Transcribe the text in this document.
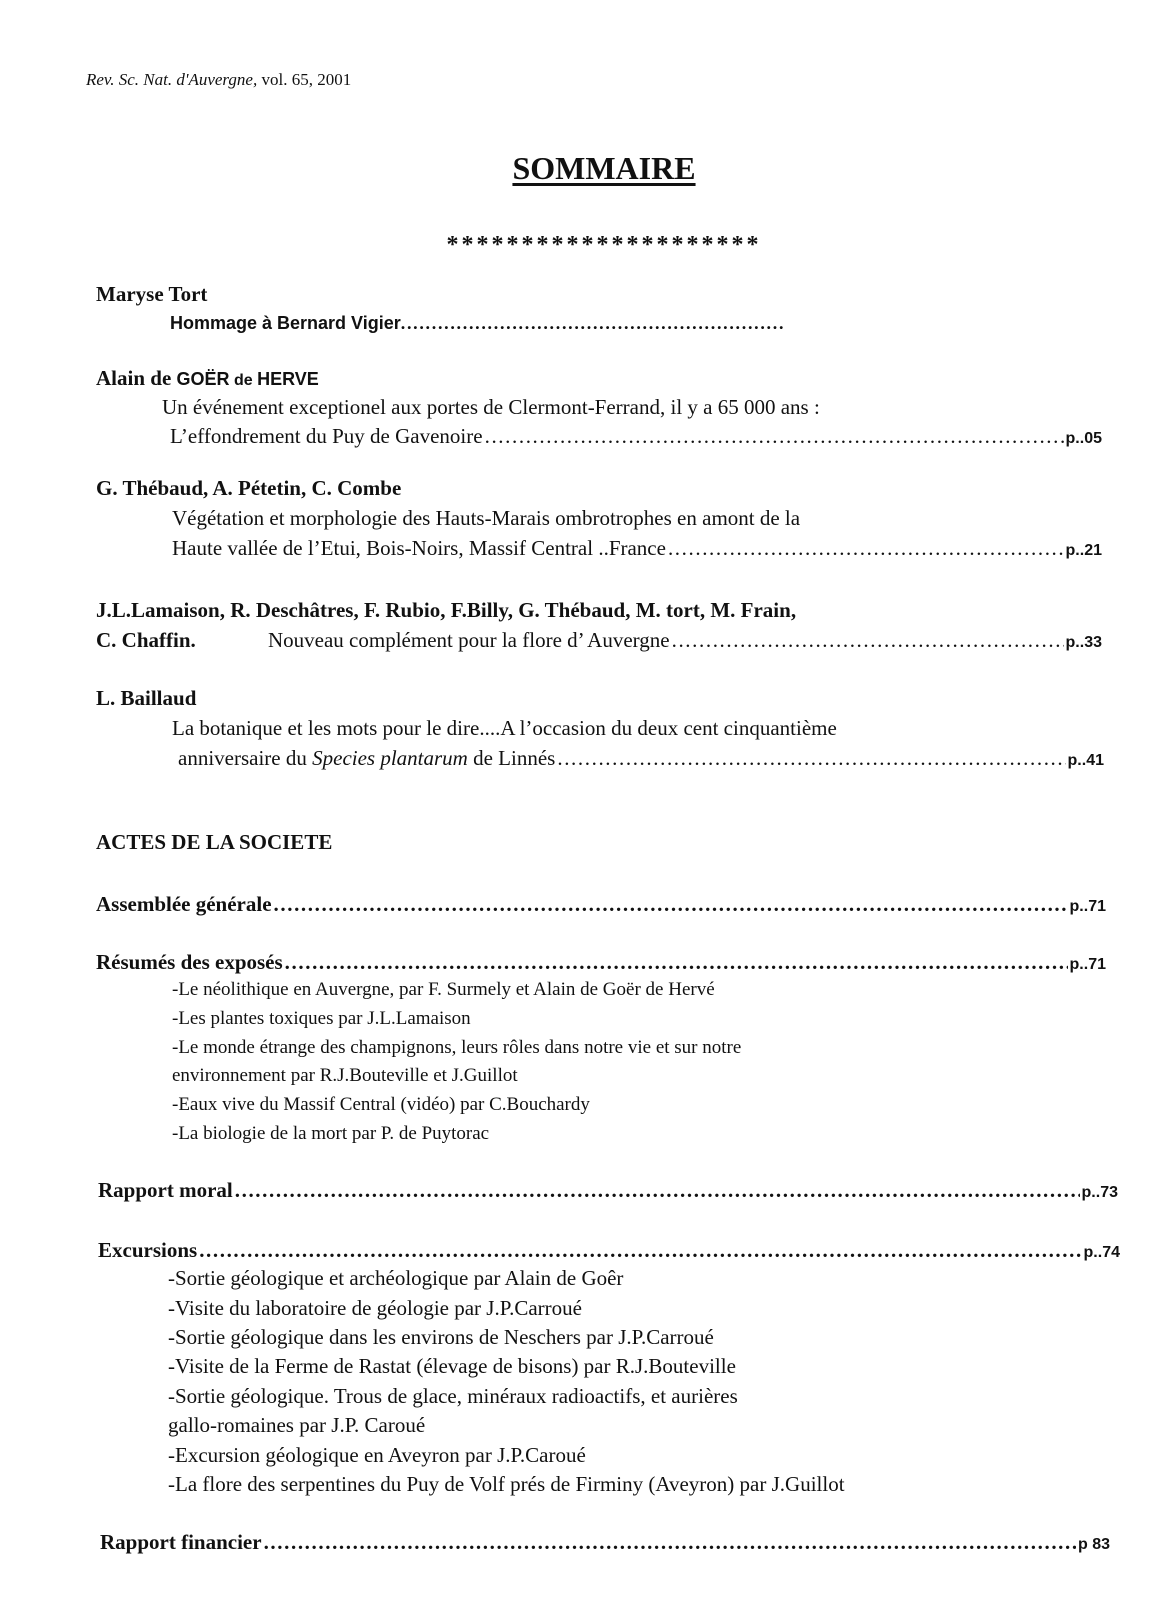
Rev. Sc. Nat. d'Auvergne, vol. 65, 2001
SOMMAIRE
*********************
Maryse Tort
Hommage à Bernard Vigier..............................................................
Alain de GOËR de HERVE
Un événement exceptionel aux portes de Clermont-Ferrand, il y a 65 000 ans :
L’effondrement du Puy de Gavenoire .....	p..05
G. Thébaud, A. Pétetin, C. Combe
Végétation et morphologie des Hauts-Marais ombrotrophes en amont de la
Haute vallée de l’Etui, Bois-Noirs, Massif Central ..France .....	p..21
J.L.Lamaison, R. Deschâtres, F. Rubio, F.Billy, G. Thébaud, M. tort, M. Frain,
C. Chaffin.	Nouveau complément pour la flore d’ Auvergne .....	p..33
L. Baillaud
La botanique et les mots pour le dire....A l’occasion du deux cent cinquantième
anniversaire du Species plantarum de Linnés .....	p..41
ACTES DE LA SOCIETE
Assemblée générale .....	p..71
Résumés des exposés .....	p..71
-Le néolithique en Auvergne, par F. Surmely et Alain de Goër de Hervé
-Les plantes toxiques par J.L.Lamaison
-Le monde étrange des champignons, leurs rôles dans notre vie et sur notre
environnement par R.J.Bouteville et J.Guillot
-Eaux vive du Massif Central (vidéo) par C.Bouchardy
-La biologie de la mort par P. de Puytorac
Rapport moral .....	p..73
Excursions .....	p..74
-Sortie géologique et archéologique par Alain de Goêr
-Visite du laboratoire de géologie par J.P.Carroué
-Sortie géologique dans les environs de Neschers par J.P.Carroué
-Visite de la Ferme de Rastat (élevage de bisons) par R.J.Bouteville
-Sortie géologique. Trous de glace, minéraux radioactifs, et aurières
gallo-romaines par J.P. Caroué
-Excursion géologique en Aveyron par J.P.Caroué
-La flore des serpentines du Puy de Volf prés de Firminy (Aveyron) par J.Guillot
Rapport financier .....	p 83
